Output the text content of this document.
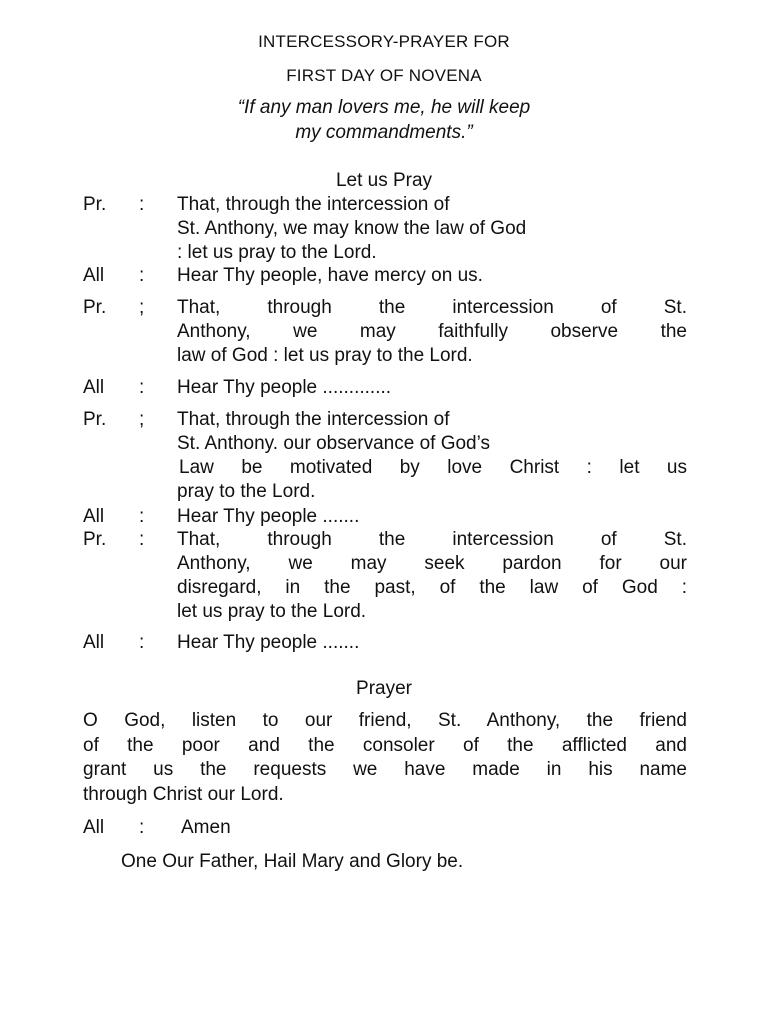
INTERCESSORY-PRAYER FOR
FIRST DAY OF NOVENA
“If any man lovers me, he will keep
my commandments.”
Let us Pray
Pr.	:	That, through the intercession of
St. Anthony, we may know the law of God
: let us pray to the Lord.
All	:	Hear Thy people, have mercy on us.
Pr.	;	That, through the intercession of St.
Anthony, we may faithfully observe the
law of God : let us pray to the Lord.
All	:	Hear Thy people .............
Pr.	;	That, through the intercession of
St. Anthony. our observance of God’s
Law be motivated by love Christ : let us
pray to the Lord.
All	:	Hear Thy people .......
Pr.	:	That, through the intercession of St.
Anthony, we may seek pardon for our
disregard, in the past, of the law of God :
let us pray to the Lord.
All	:	Hear Thy people .......
Prayer
O God, listen to our friend, St. Anthony, the friend
of the poor and the consoler of the afflicted and
grant us the requests we have made in his name
through Christ our Lord.
All : Amen
One Our Father, Hail Mary and Glory be.
